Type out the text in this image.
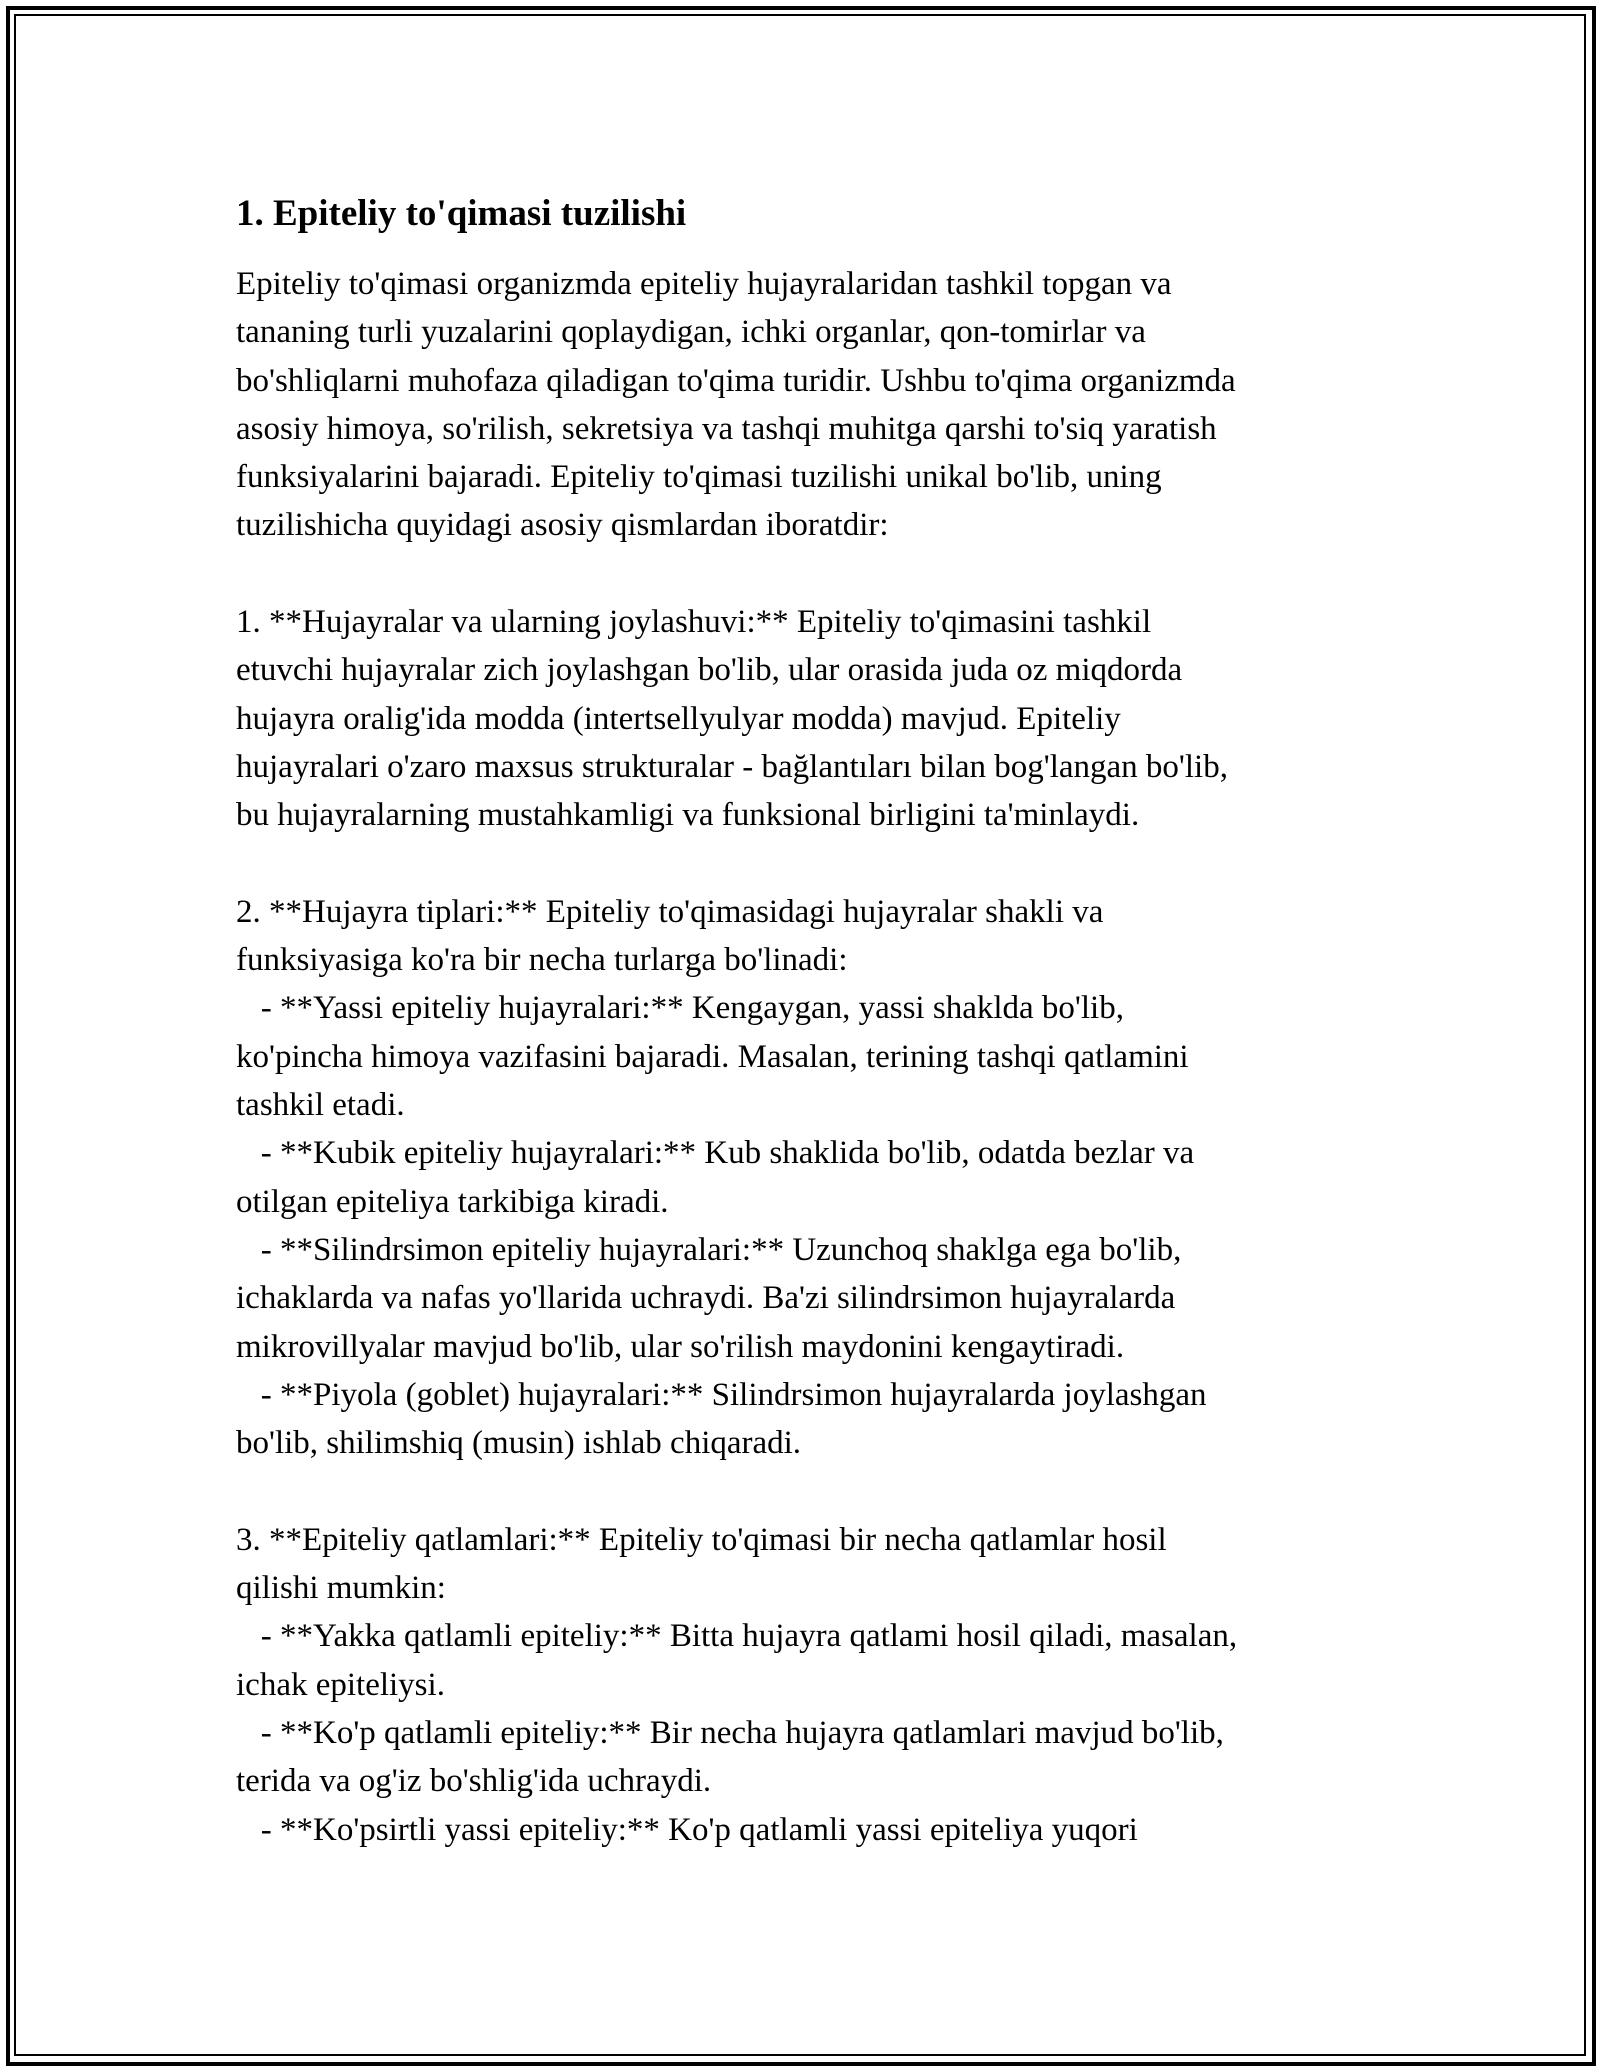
1. Epiteliy to'qimasi tuzilishi
Epiteliy to'qimasi organizmda epiteliy hujayralaridan tashkil topgan va
tananing turli yuzalarini qoplaydigan, ichki organlar, qon-tomirlar va
bo'shliqlarni muhofaza qiladigan to'qima turidir. Ushbu to'qima organizmda
asosiy himoya, so'rilish, sekretsiya va tashqi muhitga qarshi to'siq yaratish
funksiyalarini bajaradi. Epiteliy to'qimasi tuzilishi unikal bo'lib, uning
tuzilishicha quyidagi asosiy qismlardan iboratdir:
1. **Hujayralar va ularning joylashuvi:** Epiteliy to'qimasini tashkil
etuvchi hujayralar zich joylashgan bo'lib, ular orasida juda oz miqdorda
hujayra oralig'ida modda (intertsellyulyar modda) mavjud. Epiteliy
hujayralari o'zaro maxsus strukturalar - bağlantıları bilan bog'langan bo'lib,
bu hujayralarning mustahkamligi va funksional birligini ta'minlaydi.
2. **Hujayra tiplari:** Epiteliy to'qimasidagi hujayralar shakli va
funksiyasiga ko'ra bir necha turlarga bo'linadi:
- **Yassi epiteliy hujayralari:** Kengaygan, yassi shaklda bo'lib,
ko'pincha himoya vazifasini bajaradi. Masalan, terining tashqi qatlamini
tashkil etadi.
- **Kubik epiteliy hujayralari:** Kub shaklida bo'lib, odatda bezlar va
otilgan epiteliya tarkibiga kiradi.
- **Silindrsimon epiteliy hujayralari:** Uzunchoq shaklga ega bo'lib,
ichaklarda va nafas yo'llarida uchraydi. Ba'zi silindrsimon hujayralarda
mikrovillyalar mavjud bo'lib, ular so'rilish maydonini kengaytiradi.
- **Piyola (goblet) hujayralari:** Silindrsimon hujayralarda joylashgan
bo'lib, shilimshiq (musin) ishlab chiqaradi.
3. **Epiteliy qatlamlari:** Epiteliy to'qimasi bir necha qatlamlar hosil
qilishi mumkin:
- **Yakka qatlamli epiteliy:** Bitta hujayra qatlami hosil qiladi, masalan,
ichak epiteliysi.
- **Ko'p qatlamli epiteliy:** Bir necha hujayra qatlamlari mavjud bo'lib,
terida va og'iz bo'shlig'ida uchraydi.
- **Ko'psirtli yassi epiteliy:** Ko'p qatlamli yassi epiteliya yuqori
